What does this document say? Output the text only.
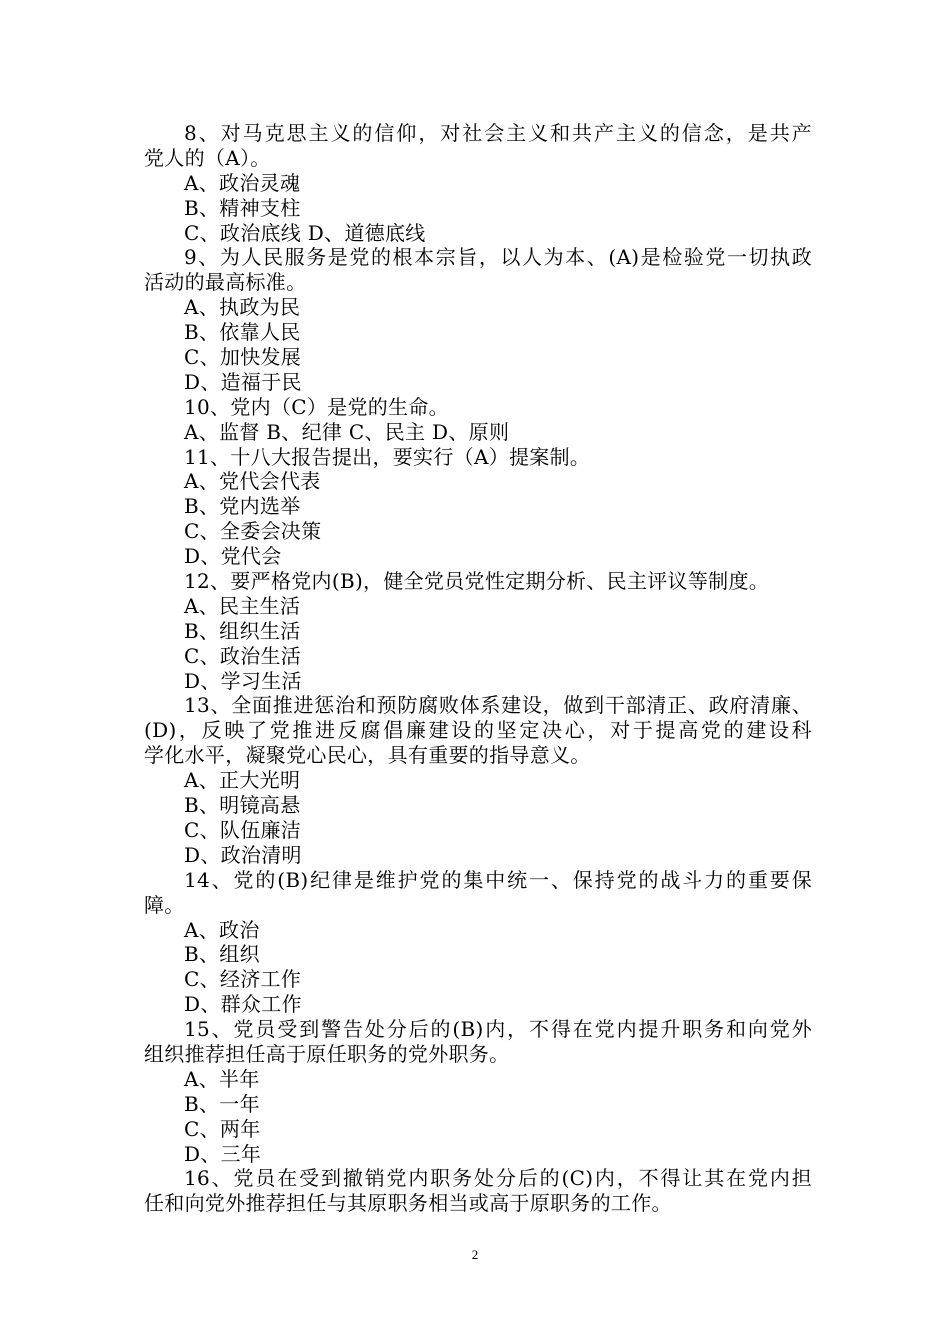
8、对马克思主义的信仰，对社会主义和共产主义的信念，是共产
党人的（A）。
A、政治灵魂
B、精神支柱
C、政治底线 D、道德底线
9、为人民服务是党的根本宗旨，以人为本、(A)是检验党一切执政
活动的最高标准。
A、执政为民
B、依靠人民
C、加快发展
D、造福于民
10、党内（C）是党的生命。
A、监督 B、纪律 C、民主 D、原则
11、十八大报告提出，要实行（A）提案制。
A、党代会代表
B、党内选举
C、全委会决策
D、党代会
12、要严格党内(B)，健全党员党性定期分析、民主评议等制度。
A、民主生活
B、组织生活
C、政治生活
D、学习生活
13、全面推进惩治和预防腐败体系建设，做到干部清正、政府清廉、
(D)，反映了党推进反腐倡廉建设的坚定决心，对于提高党的建设科
学化水平，凝聚党心民心，具有重要的指导意义。
A、正大光明
B、明镜高悬
C、队伍廉洁
D、政治清明
14、党的(B)纪律是维护党的集中统一、保持党的战斗力的重要保
障。
A、政治
B、组织
C、经济工作
D、群众工作
15、党员受到警告处分后的(B)内，不得在党内提升职务和向党外
组织推荐担任高于原任职务的党外职务。
A、半年
B、一年
C、两年
D、三年
16、党员在受到撤销党内职务处分后的(C)内，不得让其在党内担
任和向党外推荐担任与其原职务相当或高于原职务的工作。
2
